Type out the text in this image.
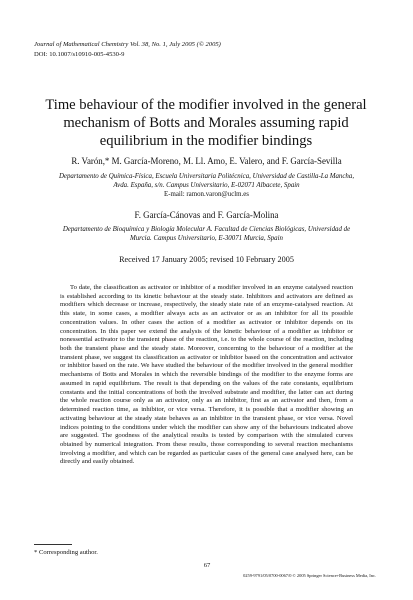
Journal of Mathematical Chemistry Vol. 38, No. 1, July 2005 (© 2005)
DOI: 10.1007/s10910-005-4530-9
Time behaviour of the modifier involved in the general mechanism of Botts and Morales assuming rapid equilibrium in the modifier bindings
R. Varón,* M. García-Moreno, M. Ll. Amo, E. Valero, and F. García-Sevilla
Departamento de Química-Física, Escuela Universitaria Politécnica, Universidad de Castilla-La Mancha, Avda. España, s/n. Campus Universitario, E-02071 Albacete, Spain
E-mail: ramon.varon@uclm.es
F. García-Cánovas and F. García-Molina
Departamento de Bioquímica y Biología Molecular A. Facultad de Ciencias Biológicas, Universidad de Murcia. Campus Universitario, E-30071 Murcia, Spain
Received 17 January 2005; revised 10 February 2005
To date, the classification as activator or inhibitor of a modifier involved in an enzyme catalysed reaction is established according to its kinetic behaviour at the steady state. Inhibitors and activators are defined as modifiers which decrease or increase, respectively, the steady state rate of an enzyme-catalysed reaction. At this state, in some cases, a modifier always acts as an activator or as an inhibitor for all its possible concentration values. In other cases the action of a modifier as activator or inhibitor depends on its concentration. In this paper we extend the analysis of the kinetic behaviour of a modifier as inhibitor or nonessential activator to the transient phase of the reaction, i.e. to the whole course of the reaction, including both the transient phase and the steady state. Moreover, concerning to the behaviour of a modifier at the transient phase, we suggest its classification as activator or inhibitor based on the concentration and activator or inhibitor based on the rate. We have studied the behaviour of the modifier involved in the general modifier mechanisms of Botts and Morales in which the reversible bindings of the modifier to the enzyme forms are assumed in rapid equilibrium. The result is that depending on the values of the rate constants, equilibrium constants and the initial concentrations of both the involved substrate and modifier, the latter can act during the whole reaction course only as an activator, only as an inhibitor, first as an activator and then, from a determined reaction time, as inhibitor, or vice versa. Therefore, it is possible that a modifier showing an activating behaviour at the steady state behaves as an inhibitor in the transient phase, or vice versa. Novel indices pointing to the conditions under which the modifier can show any of the behaviours indicated above are suggested. The goodness of the analytical results is tested by comparison with the simulated curves obtained by numerical integration. From these results, those corresponding to several reaction mechanisms involving a modifier, and which can be regarded as particular cases of the general case analysed here, can be directly and easily obtained.
* Corresponding author.
67
0259-9791/05/0700-0067/0 © 2005 Springer Science+Business Media, Inc.
